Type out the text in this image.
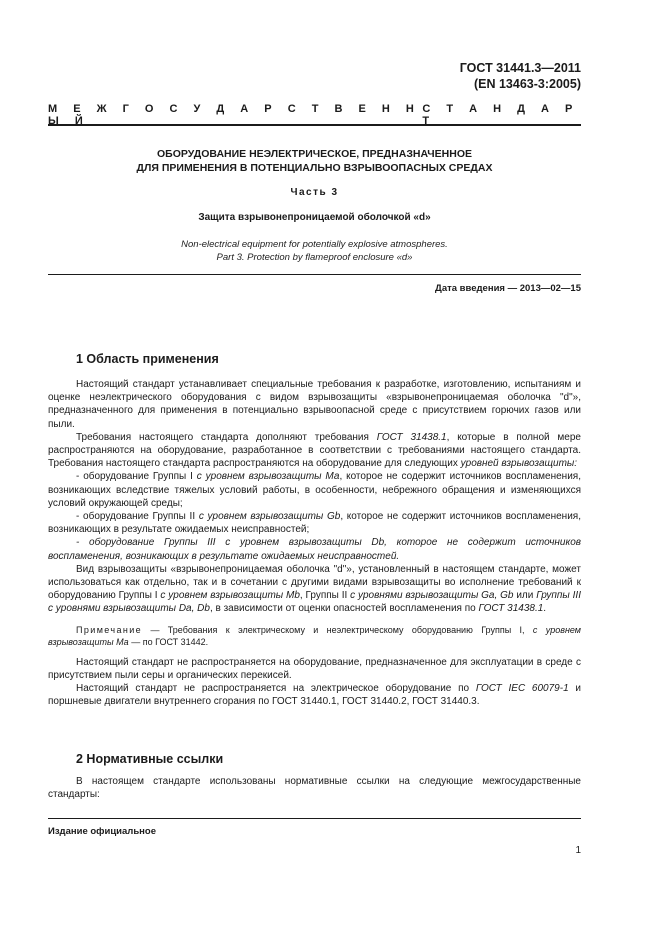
ГОСТ 31441.3—2011
(EN 13463-3:2005)
М Е Ж Г О С У Д А Р С Т В Е Н Н Ы Й
С Т А Н Д А Р Т
ОБОРУДОВАНИЕ НЕЭЛЕКТРИЧЕСКОЕ, ПРЕДНАЗНАЧЕННОЕ
ДЛЯ ПРИМЕНЕНИЯ В ПОТЕНЦИАЛЬНО ВЗРЫВООПАСНЫХ СРЕДАХ
Часть 3
Защита взрывонепроницаемой оболочкой «d»
Non-electrical equipment for potentially explosive atmospheres.
Part 3. Protection by flameproof enclosure «d»
Дата введения — 2013—02—15
1 Область применения

Настоящий стандарт устанавливает специальные требования к разработке, изготовлению, испытаниям и оценке неэлектрического оборудования с видом взрывозащиты «взрывонепроницаемая оболочка "d"», предназначенного для применения в потенциально взрывоопасной среде с присутствием горючих газов или пыли.

Требования настоящего стандарта дополняют требования ГОСТ 31438.1, которые в полной мере распространяются на оборудование, разработанное в соответствии с требованиями настоящего стандарта. Требования настоящего стандарта распространяются на оборудование для следующих уровней взрывозащиты:

- оборудование Группы I с уровнем взрывозащиты Ма, которое не содержит источников воспламенения, возникающих вследствие тяжелых условий работы, в особенности, небрежного обращения и изменяющихся условий окружающей среды;

- оборудование Группы II с уровнем взрывозащиты Gb, которое не содержит источников воспламенения, возникающих в результате ожидаемых неисправностей;

- оборудование Группы III с уровнем взрывозащиты Db, которое не содержит источников воспламенения, возникающих в результате ожидаемых неисправностей.

Вид взрывозащиты «взрывонепроницаемая оболочка "d"», установленный в настоящем стандарте, может использоваться как отдельно, так и в сочетании с другими видами взрывозащиты во исполнение требований к оборудованию Группы I с уровнем взрывозащиты Mb, Группы II с уровнями взрывозащиты Ga, Gb или Группы III с уровнями взрывозащиты Da, Db, в зависимости от оценки опасностей воспламенения по ГОСТ 31438.1.

Примечание — Требования к электрическому и неэлектрическому оборудованию Группы I, с уровнем взрывозащиты Ма — по ГОСТ 31442.

Настоящий стандарт не распространяется на оборудование, предназначенное для эксплуатации в среде с присутствием пыли серы и органических перекисей.

Настоящий стандарт не распространяется на электрическое оборудование по ГОСТ IEC 60079-1 и поршневые двигатели внутреннего сгорания по ГОСТ 31440.1, ГОСТ 31440.2, ГОСТ 31440.3.

2 Нормативные ссылки

В настоящем стандарте использованы нормативные ссылки на следующие межгосударственные стандарты:

Издание официальное
1
